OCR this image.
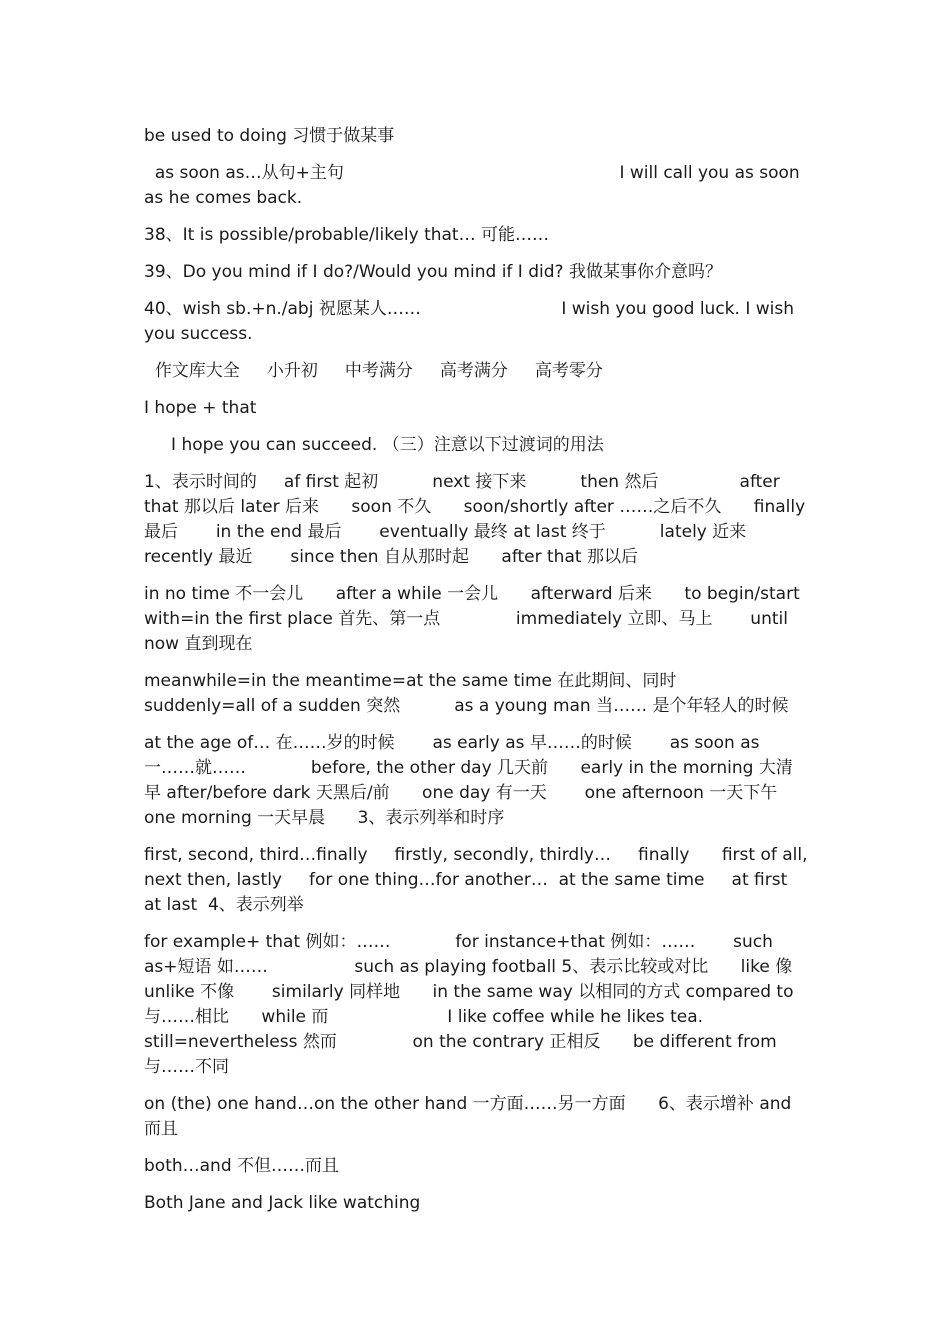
be used to doing 习惯于做某事

as soon as…从句+主句                                                   I will call you as soon as he comes back.

38、It is possible/probable/likely that… 可能……

39、Do you mind if I do?/Would you mind if I did? 我做某事你介意吗？

40、wish sb.+n./abj 祝愿某人……                          I wish you good luck. I wish you success.

作文库大全     小升初     中考满分     高考满分     高考零分

I hope + that

I hope you can succeed. （三）注意以下过渡词的用法

1、表示时间的     af first 起初          next 接下来          then 然后               after that 那以后 later 后来      soon 不久      soon/shortly after ……之后不久      finally 最后       in the end 最后       eventually 最终 at last 终于          lately 近来 recently 最近       since then 自从那时起      after that 那以后

in no time 不一会儿      after a while 一会儿      afterward 后来      to begin/start with=in the first place 首先、第一点              immediately 立即、马上       until now 直到现在

meanwhile=in the meantime=at the same time 在此期间、同时       suddenly=all of a sudden 突然          as a young man 当…… 是个年轻人的时候

at the age of… 在……岁的时候       as early as 早……的时候       as soon as 一……就……            before, the other day 几天前      early in the morning 大清早 after/before dark 天黑后/前      one day 有一天       one afternoon 一天下午 one morning 一天早晨      3、表示列举和时序

first, second, third…finally     firstly, secondly, thirdly…     finally      first of all, next then, lastly     for one thing…for another…  at the same time     at first     at last  4、表示列举

for example+ that 例如：……            for instance+that 例如：……       such as+短语 如……                such as playing football 5、表示比较或对比      like 像 unlike 不像       similarly 同样地      in the same way 以相同的方式 compared to 与……相比      while 而                      I like coffee while he likes tea. still=nevertheless 然而              on the contrary 正相反      be different from 与……不同

on (the) one hand…on the other hand 一方面……另一方面      6、表示增补 and 而且

both…and 不但……而且

Both Jane and Jack like watching
